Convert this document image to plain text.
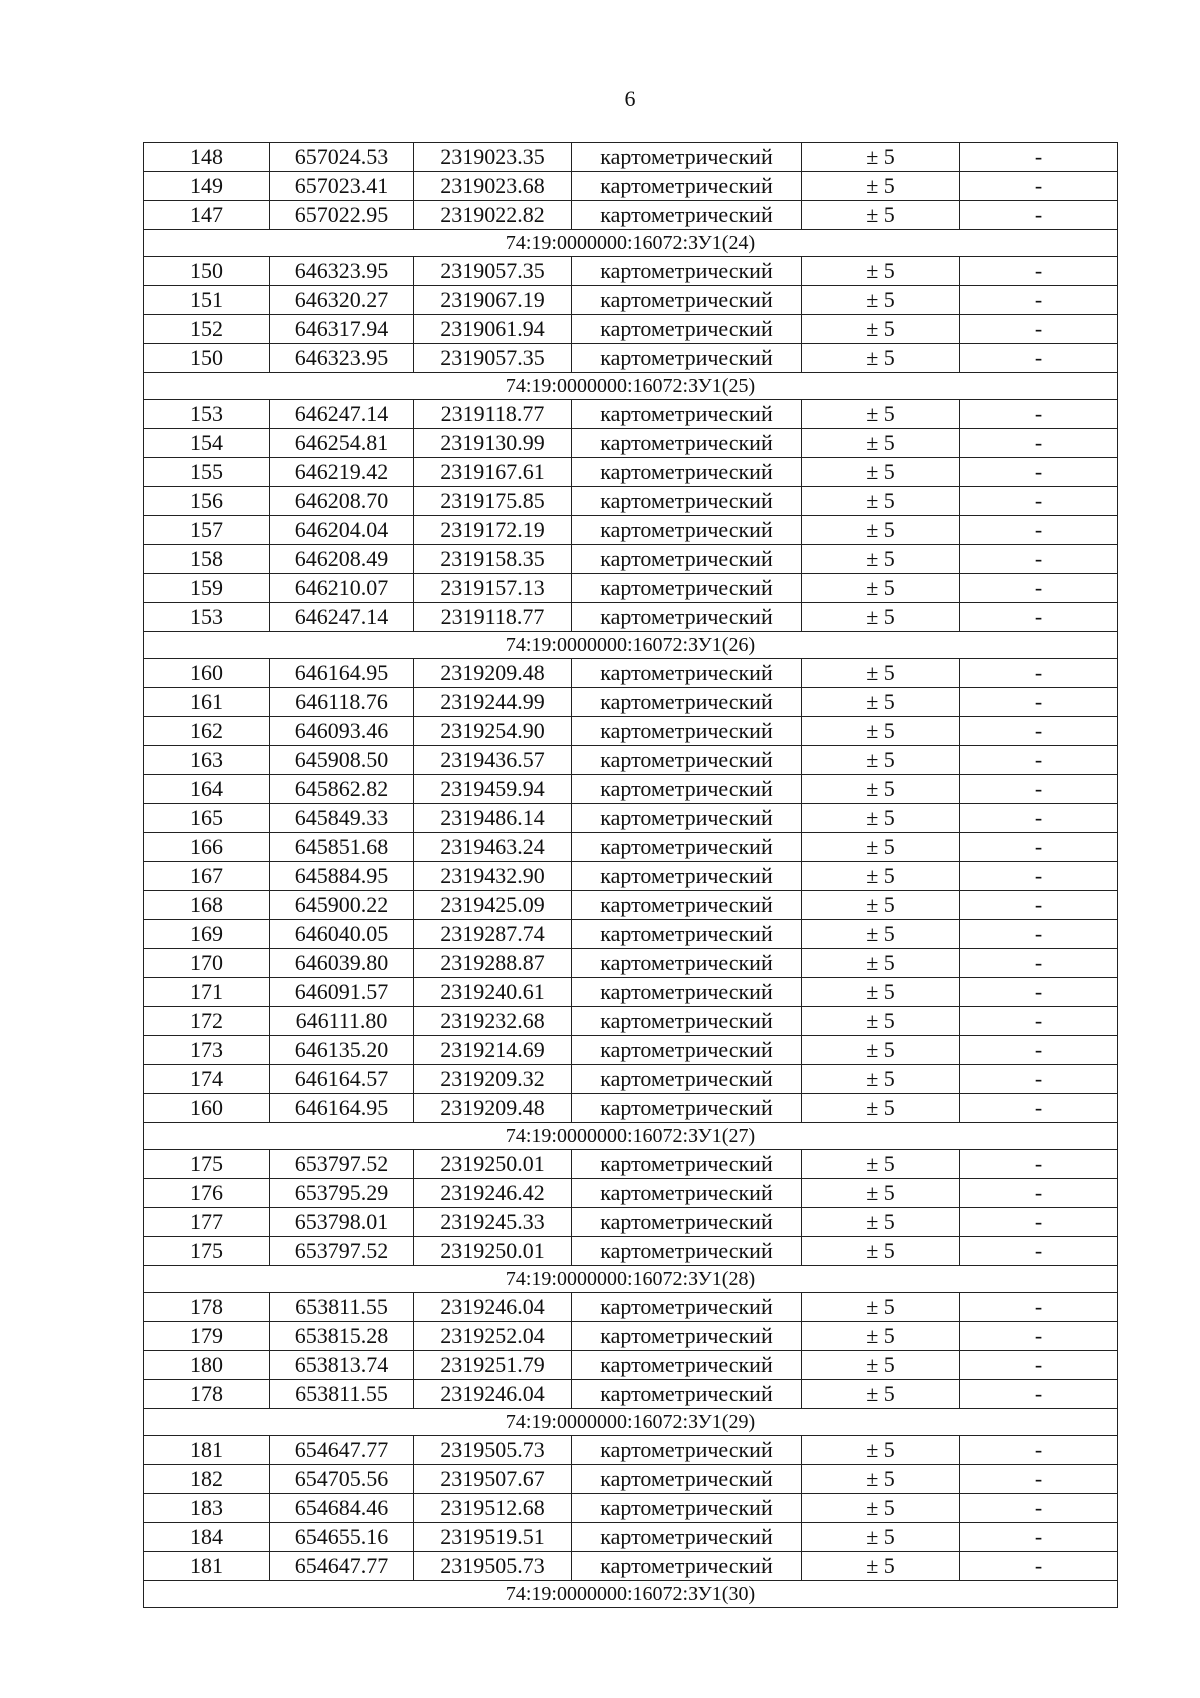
6
148	657024.53	2319023.35	картометрический	± 5	-
149	657023.41	2319023.68	картометрический	± 5	-
147	657022.95	2319022.82	картометрический	± 5	-
74:19:0000000:16072:ЗУ1(24)					
150	646323.95	2319057.35	картометрический	± 5	-
151	646320.27	2319067.19	картометрический	± 5	-
152	646317.94	2319061.94	картометрический	± 5	-
150	646323.95	2319057.35	картометрический	± 5	-
74:19:0000000:16072:ЗУ1(25)					
153	646247.14	2319118.77	картометрический	± 5	-
154	646254.81	2319130.99	картометрический	± 5	-
155	646219.42	2319167.61	картометрический	± 5	-
156	646208.70	2319175.85	картометрический	± 5	-
157	646204.04	2319172.19	картометрический	± 5	-
158	646208.49	2319158.35	картометрический	± 5	-
159	646210.07	2319157.13	картометрический	± 5	-
153	646247.14	2319118.77	картометрический	± 5	-
74:19:0000000:16072:ЗУ1(26)					
160	646164.95	2319209.48	картометрический	± 5	-
161	646118.76	2319244.99	картометрический	± 5	-
162	646093.46	2319254.90	картометрический	± 5	-
163	645908.50	2319436.57	картометрический	± 5	-
164	645862.82	2319459.94	картометрический	± 5	-
165	645849.33	2319486.14	картометрический	± 5	-
166	645851.68	2319463.24	картометрический	± 5	-
167	645884.95	2319432.90	картометрический	± 5	-
168	645900.22	2319425.09	картометрический	± 5	-
169	646040.05	2319287.74	картометрический	± 5	-
170	646039.80	2319288.87	картометрический	± 5	-
171	646091.57	2319240.61	картометрический	± 5	-
172	646111.80	2319232.68	картометрический	± 5	-
173	646135.20	2319214.69	картометрический	± 5	-
174	646164.57	2319209.32	картометрический	± 5	-
160	646164.95	2319209.48	картометрический	± 5	-
74:19:0000000:16072:ЗУ1(27)					
175	653797.52	2319250.01	картометрический	± 5	-
176	653795.29	2319246.42	картометрический	± 5	-
177	653798.01	2319245.33	картометрический	± 5	-
175	653797.52	2319250.01	картометрический	± 5	-
74:19:0000000:16072:ЗУ1(28)					
178	653811.55	2319246.04	картометрический	± 5	-
179	653815.28	2319252.04	картометрический	± 5	-
180	653813.74	2319251.79	картометрический	± 5	-
178	653811.55	2319246.04	картометрический	± 5	-
74:19:0000000:16072:ЗУ1(29)					
181	654647.77	2319505.73	картометрический	± 5	-
182	654705.56	2319507.67	картометрический	± 5	-
183	654684.46	2319512.68	картометрический	± 5	-
184	654655.16	2319519.51	картометрический	± 5	-
181	654647.77	2319505.73	картометрический	± 5	-
74:19:0000000:16072:ЗУ1(30)					
